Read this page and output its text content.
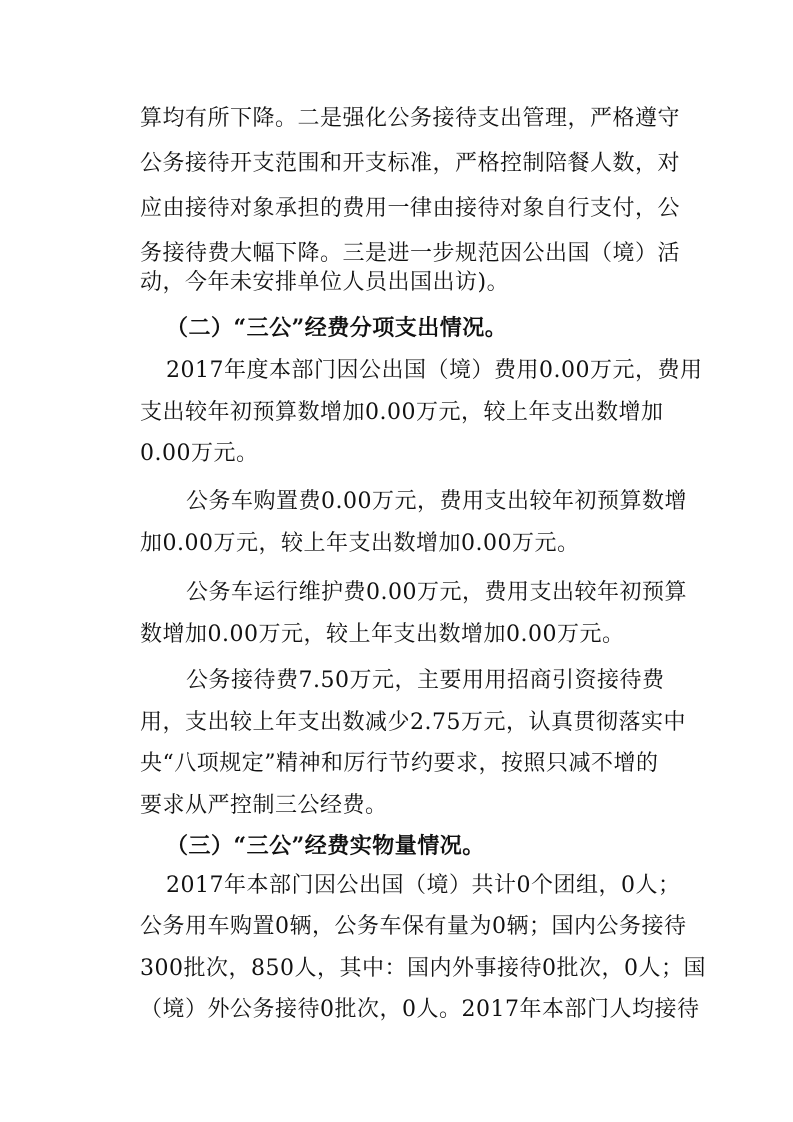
算均有所下降。二是强化公务接待支出管理，严格遵守
公务接待开支范围和开支标准，严格控制陪餐人数，对
应由接待对象承担的费用一律由接待对象自行支付，公
务接待费大幅下降。三是进一步规范因公出国（境）活
动，今年未安排单位人员出国出访)。
（二）“三公”经费分项支出情况。
2017年度本部门因公出国（境）费用0.00万元，费用
支出较年初预算数增加0.00万元，较上年支出数增加
0.00万元。
公务车购置费0.00万元，费用支出较年初预算数增
加0.00万元，较上年支出数增加0.00万元。
公务车运行维护费0.00万元，费用支出较年初预算
数增加0.00万元，较上年支出数增加0.00万元。
公务接待费7.50万元，主要用用招商引资接待费
用，支出较上年支出数减少2.75万元，认真贯彻落实中
央“八项规定”精神和厉行节约要求，按照只减不增的
要求从严控制三公经费。
（三）“三公”经费实物量情况。
2017年本部门因公出国（境）共计0个团组，0人；
公务用车购置0辆，公务车保有量为0辆；国内公务接待
300批次，850人，其中：国内外事接待0批次，0人；国
（境）外公务接待0批次，0人。2017年本部门人均接待
